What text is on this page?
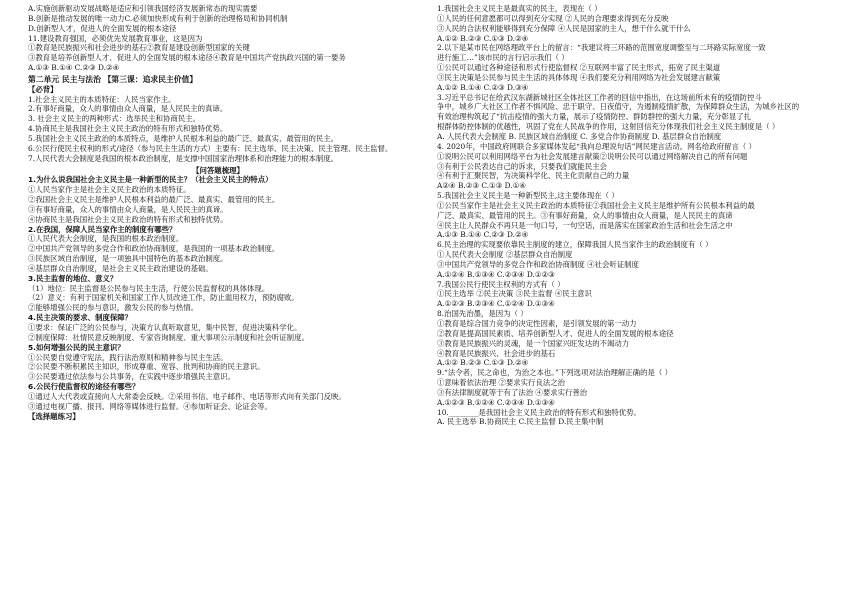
A.实施创新驱动发展战略是适应和引领我国经济发展新常态的现实需要
B.创新是推动发展的唯一动力C.必须加快形成有利于创新的治理格局和协同机制
D.创新型人才，促进人的全面发展的根本途径
11.建设教育强国，必须优先发展教育事业，这是因为
①教育是民族振兴和社会进步的基石②教育是建设创新型国家的关键
③教育是培养创新型人才、促进人的全面发展的根本途径④教育是中国共产党执政兴国的第一要务
A.①③ B.①④ C.②③ D.②④
第二单元 民主与法治 【第三课：追求民主价值】
【必背】
1.社会主义民主的本质特征：人民当家作主。
2.有事好商量，众人的事情由众人商量，是人民民主的真谛。
3. 社会主义民主的两种形式：选举民主和协商民主。
4.协商民主是我国社会主义民主政治的特有形式和独特优势。
5.我国社会主义民主政治的本质特点，是维护人民根本利益的最广泛、最真实、最管用的民主。
6.公民行使民主权利的形式/途径（参与民主生活的方式）主要有：民主选举、民主决策、民主管理、民主监督。
7.人民代表大会制度是我国的根本政治制度，是支撑中国国家治理体系和治理能力的根本制度。
【问答题梳理】
1.为什么说我国社会主义民主是一种新型的民主？（社会主义民主的特点）
①人民当家作主是社会主义民主政治的本质特征。
②我国社会主义民主是维护人民根本利益的最广泛、最真实、最管用的民主。
③有事好商量，众人的事情由众人商量，是人民民主的真谛。
④协商民主是我国社会主义民主政治的特有形式和独特优势。
2.在我国，保障人民当家作主的制度有哪些？
①人民代表大会制度，是我国的根本政治制度。
②中国共产党领导的多党合作和政治协商制度，是我国的一项基本政治制度。
③民族区域自治制度，是一项独具中国特色的基本政治制度。
④基层群众自治制度，是社会主义民主政治建设的基础。
3.民主监督的地位、意义？
（1）地位：民主监督是公民参与民主生活，行使公民监督权的具体体现。
（2）意义：有利于国家机关和国家工作人员改进工作，防止滥用权力，预防腐败。
②能够增强公民的参与意识，激发公民的参与热情。
4.民主决策的要求、制度保障？
①要求：保证广泛的公民参与，决策方认真听取意见，集中民智，促进决策科学化。
②制度保障：社情民意反映制度、专家咨询制度、重大事项公示制度和社会听证制度。
5.如何增强公民的民主意识？
①公民要自觉遵守宪法，践行法治原则和精神参与民主生活。
②公民要不断积累民主知识，形成尊重、宽容、批判和协商的民主意识。
③公民要通过依法参与公共事务，在实践中逐步增强民主意识。
6.公民行使监督权的途径有哪些？
①通过人大代表或直接向人大常委会反映。②采用书信、电子邮件、电话等形式向有关部门反映。
③通过电视广播、报刊、网络等媒体进行监督。④参加听证会、论证会等。
【选择题练习】
1.我国社会主义民主是最真实的民主，表现在（ ）
①人民的任何意愿都可以得到充分实现 ②人民的合理要求得到充分反映
③人民的合法权利能够得到充分保障 ④人民是国家的主人，想干什么就干什么
A.①② B.②③ C.①③ D.②④
2.以下是某市民在网络理政平台上的留言：“我建议将三环路的范围宽度调整至与二环路实际宽度一致
进行施工…”该市民的言行启示我们（ ）
①公民可以通过各种途径和形式行使监督权 ②互联网丰富了民主形式，拓宽了民主渠道
③民主决策是公民参与民主生活的具体体现 ④我们要充分利用网络为社会发展建言献策
A.①② B.①④ C.②③ D.③④
3.习近平总书记在给武汉东湖新城社区全体社区工作者的回信中指出，在这场前所未有的疫情防控斗
争中，城乡广大社区工作者不惧风险、忠于职守、日夜值守，为遏制疫情扩散，为保障群众生活，为城乡社区的
有效治理构筑起了“抗击疫情的强大力量，展示了疫情防控、群防群控的强大力量，充分彰显了扎
根群体防控体制的优越性，巩固了党在人民战争的作用，这射回信充分体现我们社会主义民主制度是（ ）
A. 人民代表大会制度 B. 民族区域自治制度 C. 多党合作协商制度 D. 基层群众自治制度
4. 2020年，中国政府网联合多家媒体发起“我向总理说句话”网民建言活动。网名给政府留言（ ）
①说明公民可以利用网络平台为社会发展建言献策②说明公民可以通过网络解决自己的所有问题
③有利于公民表达自己的诉求，只要我们就能民主会
④有利于汇聚民智，为决策科学化、民主化贡献自己的力量
A②④ B.②③ C.①③ D.①④
5.我国社会主义民主是一种新型民主,这主要体现在（ ）
①公民当家作主是社会主义民主政治的本质特征②我国社会主义民主是维护所有公民根本利益的最
广泛、最真实、最管用的民主。③有事好商量，众人的事情由众人商量，是人民民主的真谛
④民主让人民群众不再只是一句口号，一句空话，而是落实在国家政治生活和社会生活之中
A.①③ B.①④ C.②③ D.②④
6.民主治理的实现要依靠民主制度的建立，保障我国人民当家作主的政治制度有（ ）
①人民代表大会制度 ②基层群众自治制度
③中国共产党领导的多党合作和政治协商制度 ④社会听证制度
A.①②④ B.①③④ C.②③④ D.①②③
7.我国公民行使民主权利的方式有（ ）
①民主选举 ②民主决策 ③民主监督 ④民主意识
A.①②③ B.②③④ C.①②④ D.①③④
8.治国先治墨，是因为（ ）
①教育是综合国力竞争的决定性因素，是引领发展的第一动力
②教育是提高国民素质、培养创新型人才、促进人的全面发展的根本途径
③教育是民族振兴的灵魂，是一个国家兴旺发达的不竭动力
④教育是民族振兴、社会进步的基石
A.①② B.②③ C.①③ D.②④
9.“法令者，民之命也，为治之本也。”下列选项对法治理解正确的是（ ）
①意味着依法治理 ②要求实行良法之治
③有法律制度就等于有了法治 ④要求实行善治
A.①②③ B.①②④ C.②③④ D.①③④
10.________是我国社会主义民主政治的特有形式和独特优势。
A. 民主选举 B.协商民主 C.民主监督 D.民主集中制
